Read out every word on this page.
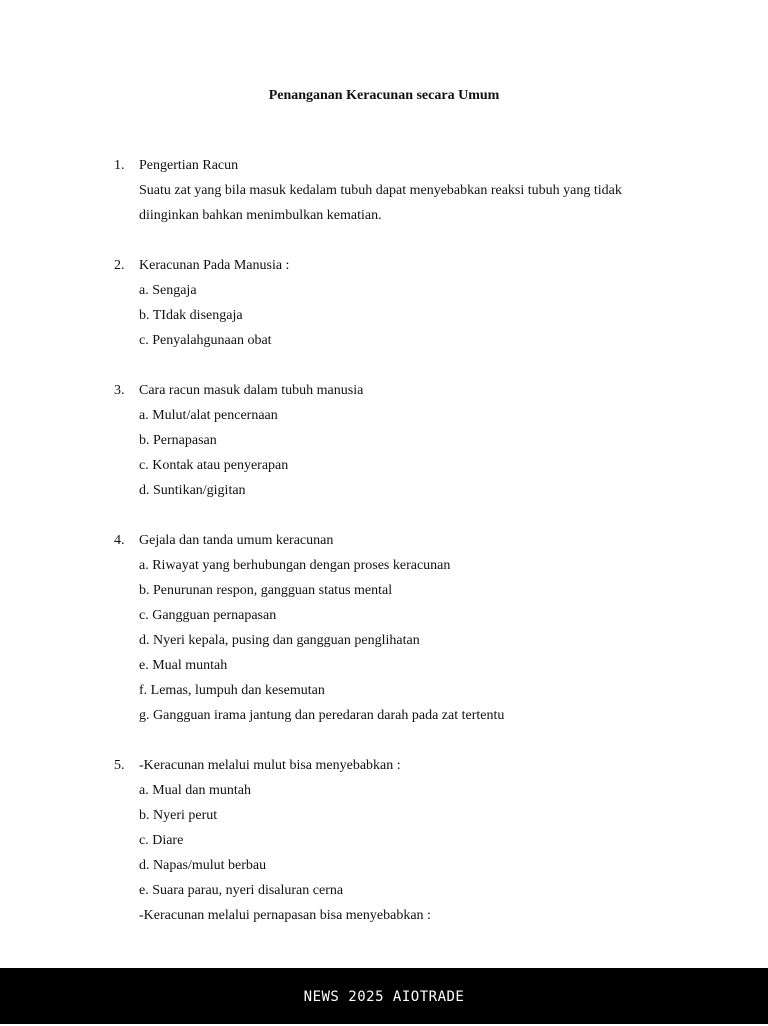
Penanganan Keracunan secara Umum
1. Pengertian Racun
Suatu zat yang bila masuk kedalam tubuh dapat menyebabkan reaksi tubuh yang tidak
diinginkan bahkan menimbulkan kematian.
2. Keracunan Pada Manusia :
a. Sengaja
b. TIdak disengaja
c. Penyalahgunaan obat
3. Cara racun masuk dalam tubuh manusia
a. Mulut/alat pencernaan
b. Pernapasan
c. Kontak atau penyerapan
d. Suntikan/gigitan
4. Gejala dan tanda umum keracunan
a. Riwayat yang berhubungan dengan proses keracunan
b. Penurunan respon, gangguan status mental
c. Gangguan pernapasan
d. Nyeri kepala, pusing dan gangguan penglihatan
e. Mual muntah
f. Lemas, lumpuh dan kesemutan
g. Gangguan irama jantung dan peredaran darah pada zat tertentu
5. -Keracunan melalui mulut bisa menyebabkan :
a. Mual dan muntah
b. Nyeri perut
c. Diare
d. Napas/mulut berbau
e. Suara parau, nyeri disaluran cerna
-Keracunan melalui pernapasan bisa menyebabkan :
NEWS 2025 AIOTRADE
